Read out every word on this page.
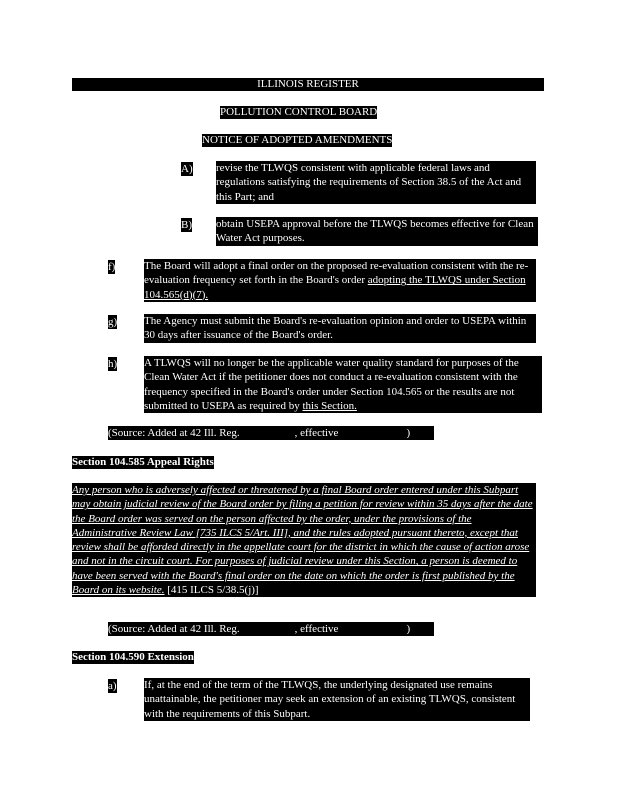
ILLINOIS REGISTER
POLLUTION CONTROL BOARD
NOTICE OF ADOPTED AMENDMENTS
A) revise the TLWQS consistent with applicable federal laws and regulations satisfying the requirements of Section 38.5 of the Act and this Part; and
B) obtain USEPA approval before the TLWQS becomes effective for Clean Water Act purposes.
f)	The Board will adopt a final order on the proposed re-evaluation consistent with the re-evaluation frequency set forth in the Board's order adopting the TLWQS under Section 104.565(d)(7).
g) The Agency must submit the Board's re-evaluation opinion and order to USEPA within 30 days after issuance of the Board's order.
h) A TLWQS will no longer be the applicable water quality standard for purposes of the Clean Water Act if the petitioner does not conduct a re-evaluation consistent with the frequency specified in the Board's order under Section 104.565 or the results are not submitted to USEPA as required by this Section.
(Source: Added at 42 Ill. Reg.	, effective	)
Section 104.585 Appeal Rights
Any person who is adversely affected or threatened by a final Board order entered under this Subpart may obtain judicial review of the Board order by filing a petition for review within 35 days after the date the Board order was served on the person affected by the order, under the provisions of the Administrative Review Law [735 ILCS 5/Art. III], and the rules adopted pursuant thereto, except that review shall be afforded directly in the appellate court for the district in which the cause of action arose and not in the circuit court. For purposes of judicial review under this Section, a person is deemed to have been served with the Board's final order on the date on which the order is first published by the Board on its website. [415 ILCS 5/38.5(j)]
(Source: Added at 42 Ill. Reg.	, effective	)
Section 104.590 Extension
a) If, at the end of the term of the TLWQS, the underlying designated use remains unattainable, the petitioner may seek an extension of an existing TLWQS, consistent with the requirements of this Subpart.
